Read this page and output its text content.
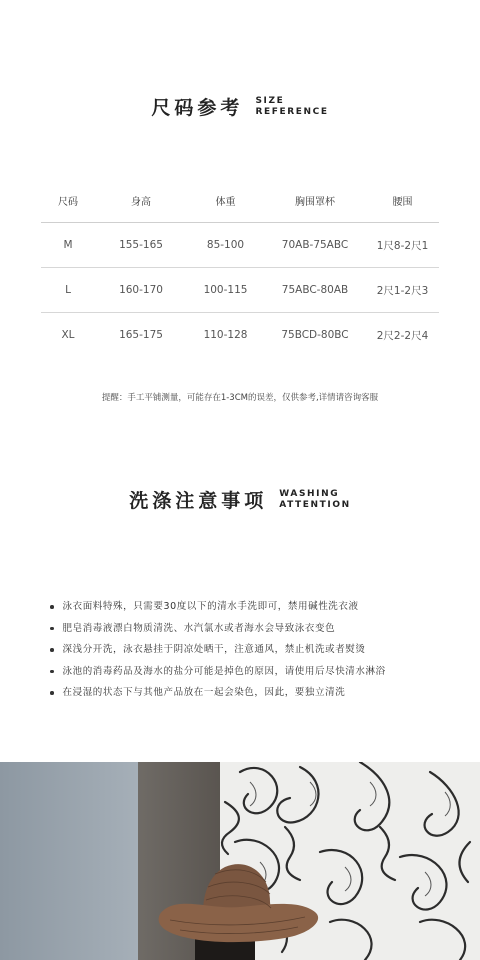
尺码参考 SIZE
REFERENCE
尺码	身高	体重	胸围罩杯	腰围
M	155-165	85-100	70AB-75ABC	1尺8-2尺1
L	160-170	100-115	75ABC-80AB	2尺1-2尺3
XL	165-175	110-128	75BCD-80BC	2尺2-2尺4
提醒：手工平铺测量，可能存在1-3CM的误差，仅供参考,详情请咨询客服
洗涤注意事项 WASHING
ATTENTION
泳衣面料特殊，只需要30度以下的清水手洗即可，禁用碱性洗衣液
肥皂消毒液漂白物质清洗、水汽氯水或者海水会导致泳衣变色
深浅分开洗，泳衣悬挂于阴凉处晒干，注意通风，禁止机洗或者熨烫
泳池的消毒药品及海水的盐分可能是掉色的原因，请使用后尽快清水淋浴
在浸湿的状态下与其他产品放在一起会染色，因此，要独立清洗
